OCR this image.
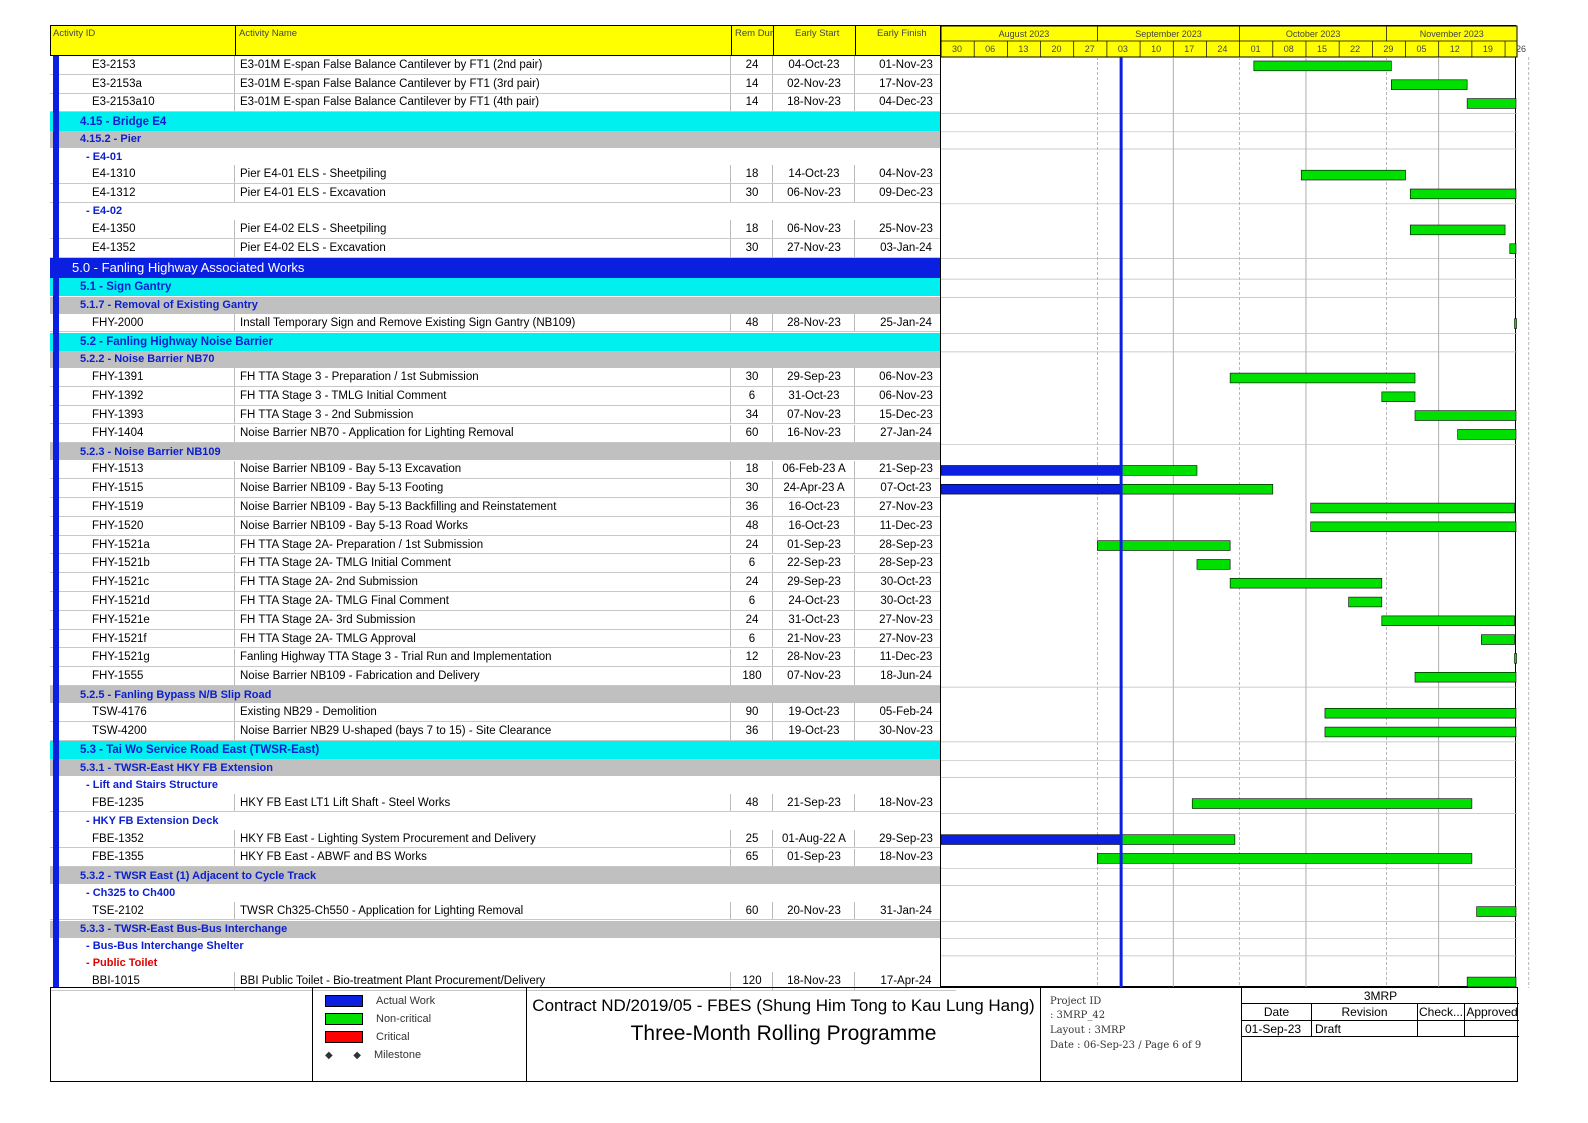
Activity ID	Activity Name	Rem Dur Early Start	Early Finish
E3-2153	E3-01M E-span False Balance Cantilever by FT1 (2nd pair)	24	04-Oct-23	01-Nov-23
E3-2153a	E3-01M E-span False Balance Cantilever by FT1 (3rd pair)	14	02-Nov-23	17-Nov-23
E3-2153a10	E3-01M E-span False Balance Cantilever by FT1 (4th pair)	14	18-Nov-23	04-Dec-23
4.15 - Bridge E4
4.15.2 - Pier
- E4-01
E4-1310	Pier E4-01 ELS - Sheetpiling	18	14-Oct-23	04-Nov-23
E4-1312	Pier E4-01 ELS - Excavation	30	06-Nov-23	09-Dec-23
- E4-02
E4-1350	Pier E4-02 ELS - Sheetpiling	18	06-Nov-23	25-Nov-23
E4-1352	Pier E4-02 ELS - Excavation	30	27-Nov-23	03-Jan-24
5.0 - Fanling Highway Associated Works
5.1 - Sign Gantry
5.1.7 - Removal of Existing Gantry
FHY-2000	Install Temporary Sign and Remove Existing Sign Gantry (NB109)	48	28-Nov-23	25-Jan-24
5.2 - Fanling Highway Noise Barrier
5.2.2 - Noise Barrier NB70
FHY-1391	FH TTA Stage 3 - Preparation / 1st Submission	30	29-Sep-23	06-Nov-23
FHY-1392	FH TTA Stage 3 - TMLG Initial Comment	6	31-Oct-23	06-Nov-23
FHY-1393	FH TTA Stage 3 - 2nd Submission	34	07-Nov-23	15-Dec-23
FHY-1404	Noise Barrier NB70 - Application for Lighting Removal	60	16-Nov-23	27-Jan-24
5.2.3 - Noise Barrier NB109
FHY-1513	Noise Barrier NB109 - Bay 5-13 Excavation	18	06-Feb-23 A	21-Sep-23
FHY-1515	Noise Barrier NB109 - Bay 5-13 Footing	30	24-Apr-23 A	07-Oct-23
FHY-1519	Noise Barrier NB109 - Bay 5-13 Backfilling and Reinstatement	36	16-Oct-23	27-Nov-23
FHY-1520	Noise Barrier NB109 - Bay 5-13 Road Works	48	16-Oct-23	11-Dec-23
FHY-1521a	FH TTA Stage 2A- Preparation / 1st Submission	24	01-Sep-23	28-Sep-23
FHY-1521b	FH TTA Stage 2A- TMLG Initial Comment	6	22-Sep-23	28-Sep-23
FHY-1521c	FH TTA Stage 2A- 2nd Submission	24	29-Sep-23	30-Oct-23
FHY-1521d	FH TTA Stage 2A- TMLG Final Comment	6	24-Oct-23	30-Oct-23
FHY-1521e	FH TTA Stage 2A- 3rd Submission	24	31-Oct-23	27-Nov-23
FHY-1521f	FH TTA Stage 2A- TMLG Approval	6	21-Nov-23	27-Nov-23
FHY-1521g	Fanling Highway TTA Stage 3 - Trial Run and Implementation	12	28-Nov-23	11-Dec-23
FHY-1555	Noise Barrier NB109 - Fabrication and Delivery	180	07-Nov-23	18-Jun-24
5.2.5 - Fanling Bypass N/B Slip Road
TSW-4176	Existing NB29 - Demolition	90	19-Oct-23	05-Feb-24
TSW-4200	Noise Barrier NB29 U-shaped (bays 7 to 15) - Site Clearance	36	19-Oct-23	30-Nov-23
5.3 - Tai Wo Service Road East (TWSR-East)
5.3.1 - TWSR-East HKY FB Extension
- Lift and Stairs Structure
FBE-1235	HKY FB East LT1 Lift Shaft - Steel Works	48	21-Sep-23	18-Nov-23
- HKY FB Extension Deck
FBE-1352	HKY FB East - Lighting System Procurement and Delivery	25	01-Aug-22 A	29-Sep-23
FBE-1355	HKY FB East - ABWF and BS Works	65	01-Sep-23	18-Nov-23
5.3.2 - TWSR East (1) Adjacent to Cycle Track
- Ch325 to Ch400
TSE-2102	TWSR Ch325-Ch550 - Application for Lighting Removal	60	20-Nov-23	31-Jan-24
5.3.3 - TWSR-East Bus-Bus Interchange
- Bus-Bus Interchange Shelter
- Public Toilet
BBI-1015	BBI Public Toilet - Bio-treatment Plant Procurement/Delivery	120	18-Nov-23	17-Apr-24
August 2023	September 2023	October 2023	November 2023
30	06	13	20	27	03	10	17	24	01	08	15	22	29	05	12	19	26
Actual Work
Non-critical
Critical
◆ ◆ Milestone
Contract ND/2019/05 - FBES (Shung Him Tong to Kau Lung Hang)
Three-Month Rolling Programme
Project ID
: 3MRP_42
Layout : 3MRP
Date : 06-Sep-23 / Page 6 of 9
3MRP
Date	Revision	Check... Approved
01-Sep-23	Draft
